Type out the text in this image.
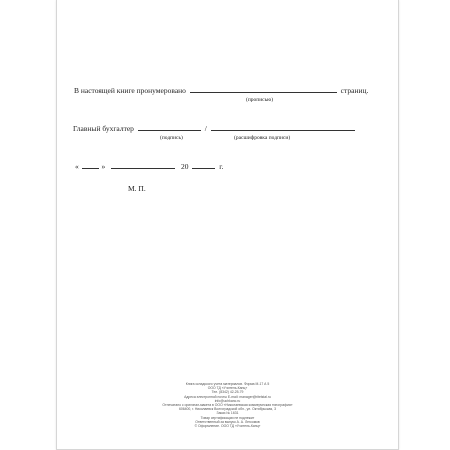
В настоящей книге пронумеровано	страниц.
(прописью)
Главный бухгалтер	/
(подпись)	(расшифровка подписи)
«	»	20	г.
М. П.
Книга складского учета материалов. Форма М-17 А 5
ООО ТД «Учитель-Канц»
Тел. (8342) 42-25-79
Адреса электронной почты E-mail: manager@ritelstal.ru
info@uchkanc.ru
Отпечатано с оригинал-макета в ООО «Николаевская коммерческая типография»
606400, г. Николаевск Волгоградской обл., ул. Октябрьская, 3
Заказ № 1631
Товар сертификации не подлежит
Ответственный за выпуск А. А. Легкомов
© Оформление. ООО ТД «Учитель-Канц»
